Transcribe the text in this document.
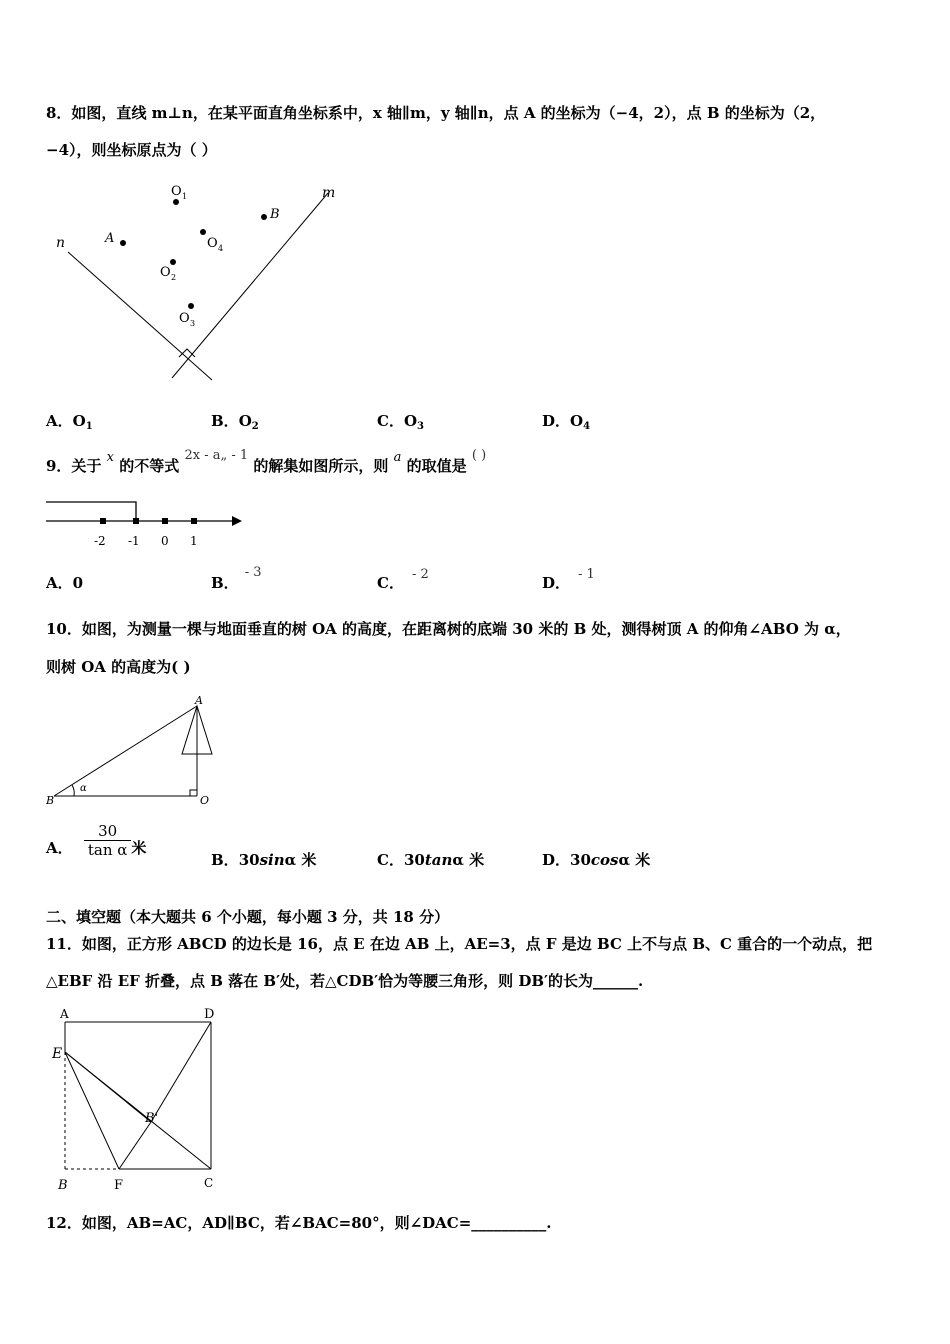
8．如图，直线 m⊥n，在某平面直角坐标系中，x 轴∥m，y 轴∥n，点 A 的坐标为（−4，2），点 B 的坐标为（2，
−4），则坐标原点为（ ）
n
m
A
B
O 1
O 4
O 2
O 3
A．$O_1$	B．$O_2$	C．$O_3$	D．$O_4$
9．关于 x 的不等式 2x - a„ - 1 的解集如图所示，则 a 的取值是 ( )
-2 -1 0 1
A．0	B．- 3
C． - 2	D． - 1
10．如图，为测量一棵与地面垂直的树 OA 的高度，在距离树的底端 30 米的 B 处，测得树顶 A 的仰角∠ABO 为 α，
则树 OA 的高度为( )
A
B	O
α
A． $\frac{30}{\text{tan α}}$ 米
B．30sinα 米	C．30tanα 米	D．30cosα 米
二、填空题（本大题共 6 个小题，每小题 3 分，共 18 分）
11．如图，正方形 ABCD 的边长是 16，点 E 在边 AB 上，AE=3，点 F 是边 BC 上不与点 B、C 重合的一个动点，把
△EBF 沿 EF 折叠，点 B 落在 B′处，若△CDB′恰为等腰三角形，则 DB′的长为______.
A	D
E
B'
B	F	C
12．如图，AB=AC，AD∥BC，若∠BAC=80°，则∠DAC=__________.
